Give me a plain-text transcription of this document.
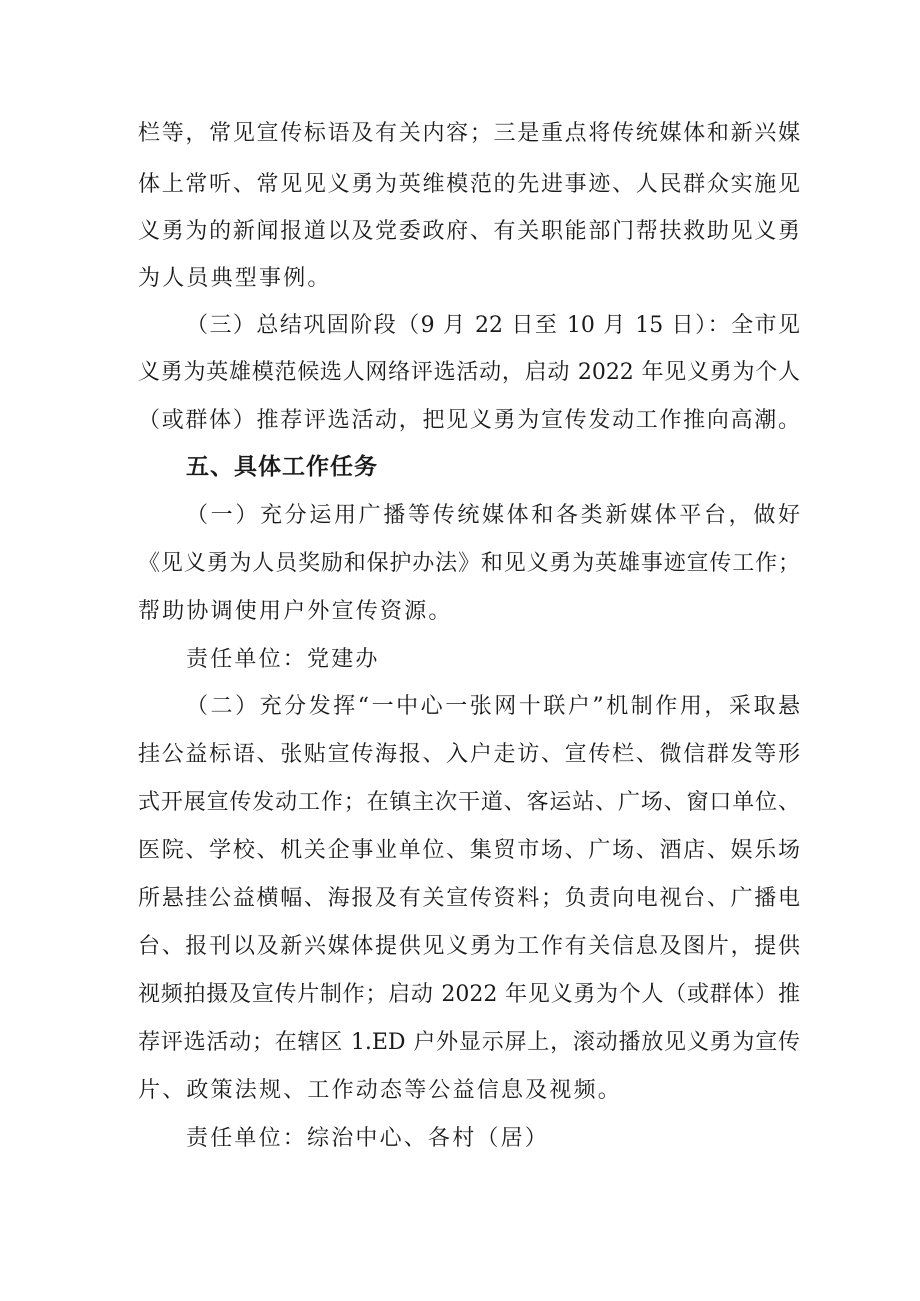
栏等，常见宣传标语及有关内容；三是重点将传统媒体和新兴媒
体上常听、常见见义勇为英维模范的先进事迹、人民群众实施见
义勇为的新闻报道以及党委政府、有关职能部门帮扶救助见义勇
为人员典型事例。
（三）总结巩固阶段（9 月 22 日至 10 月 15 日）：全市见
义勇为英雄模范候选人网络评选活动，启动 2022 年见义勇为个人
（或群体）推荐评选活动，把见义勇为宣传发动工作推向高潮。
五、具体工作任务
（一）充分运用广播等传统媒体和各类新媒体平台，做好
《见义勇为人员奖励和保护办法》和见义勇为英雄事迹宣传工作；
帮助协调使用户外宣传资源。
责任单位：党建办
（二）充分发挥“一中心一张网十联户”机制作用，采取悬
挂公益标语、张贴宣传海报、入户走访、宣传栏、微信群发等形
式开展宣传发动工作；在镇主次干道、客运站、广场、窗口单位、
医院、学校、机关企事业单位、集贸市场、广场、酒店、娱乐场
所悬挂公益横幅、海报及有关宣传资料；负责向电视台、广播电
台、报刊以及新兴媒体提供见义勇为工作有关信息及图片，提供
视频拍摄及宣传片制作；启动 2022 年见义勇为个人（或群体）推
荐评选活动；在辖区 1.ED 户外显示屏上，滚动播放见义勇为宣传
片、政策法规、工作动态等公益信息及视频。
责任单位：综治中心、各村（居）
